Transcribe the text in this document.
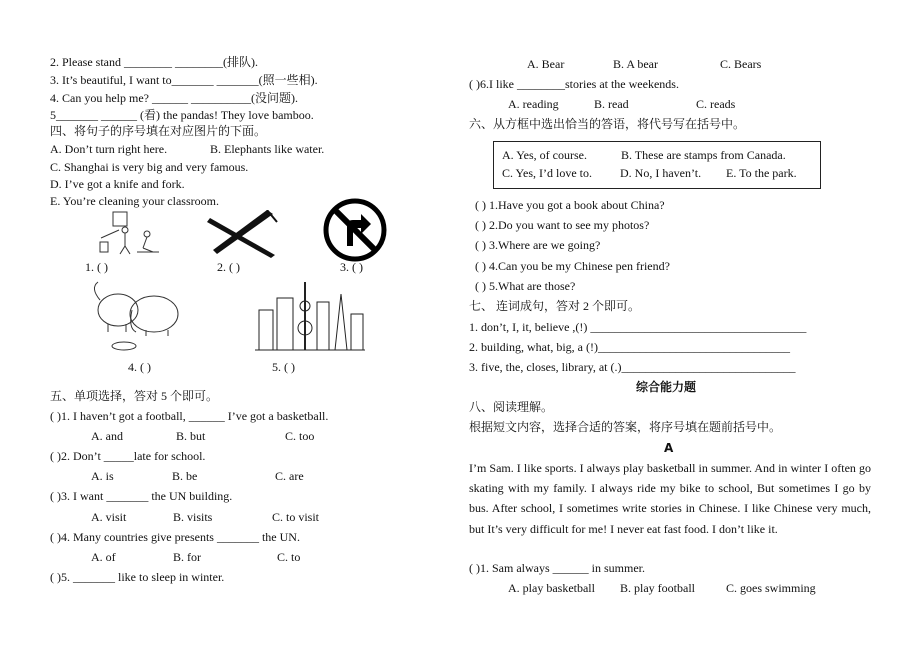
2. Please stand ________ ________(排队).
3. It’s beautiful, I want to_______ _______(照一些相).
4. Can you help me? ______ __________(没问题).
5_______ ______ (看) the pandas! They love bamboo.
四、将句子的序号填在对应图片的下面。
A. Don’t turn right here.	B. Elephants like water.
C. Shanghai is very big and very famous.
D. I’ve got a knife and fork.
E. You’re cleaning your classroom.
1. ( )	2. ( )	3. ( )
4. ( )	5. ( )
五、单项选择，答对 5 个即可。
( )1. I haven’t got a football, ______ I’ve got a basketball.
A. and	B. but	C. too
( )2. Don’t _____late for school.
A. is	B. be	C. are
( )3. I want _______ the UN building.
A. visit	B. visits	C. to visit
( )4. Many countries give presents _______ the UN.
A. of	B. for	C. to
( )5. _______ like to sleep in winter.
A. Bear	B. A bear	C. Bears
( )6.I like ________stories at the weekends.
A. reading	B. read	C. reads
六、从方框中选出恰当的答语，将代号写在括号中。
A. Yes, of course.	B. These are stamps from Canada.
C. Yes, I’d love to. D. No, I haven’t. E. To the park.
( ) 1.Have you got a book about China?
( ) 2.Do you want to see my photos?
( ) 3.Where are we going?
( ) 4.Can you be my Chinese pen friend?
( ) 5.What are those?
七、 连词成句，答对 2 个即可。
1. don’t, I, it, believe ,(!) ____________________________________
2. building, what, big, a (!)________________________________
3. five, the, closes, library, at (.)_____________________________
综合能力题
八、阅读理解。
根据短文内容，选择合适的答案，将序号填在题前括号中。
A
I’m Sam. I like sports. I always play basketball in summer. And in winter I often go skating with my family. I always ride my bike to school, But sometimes I go by bus. After school, I sometimes write stories in Chinese. I like Chinese very much, but It’s very difficult for me! I never eat fast food. I don’t like it.
( )1. Sam always ______ in summer.
A. play basketball B. play football	C. goes swimming
